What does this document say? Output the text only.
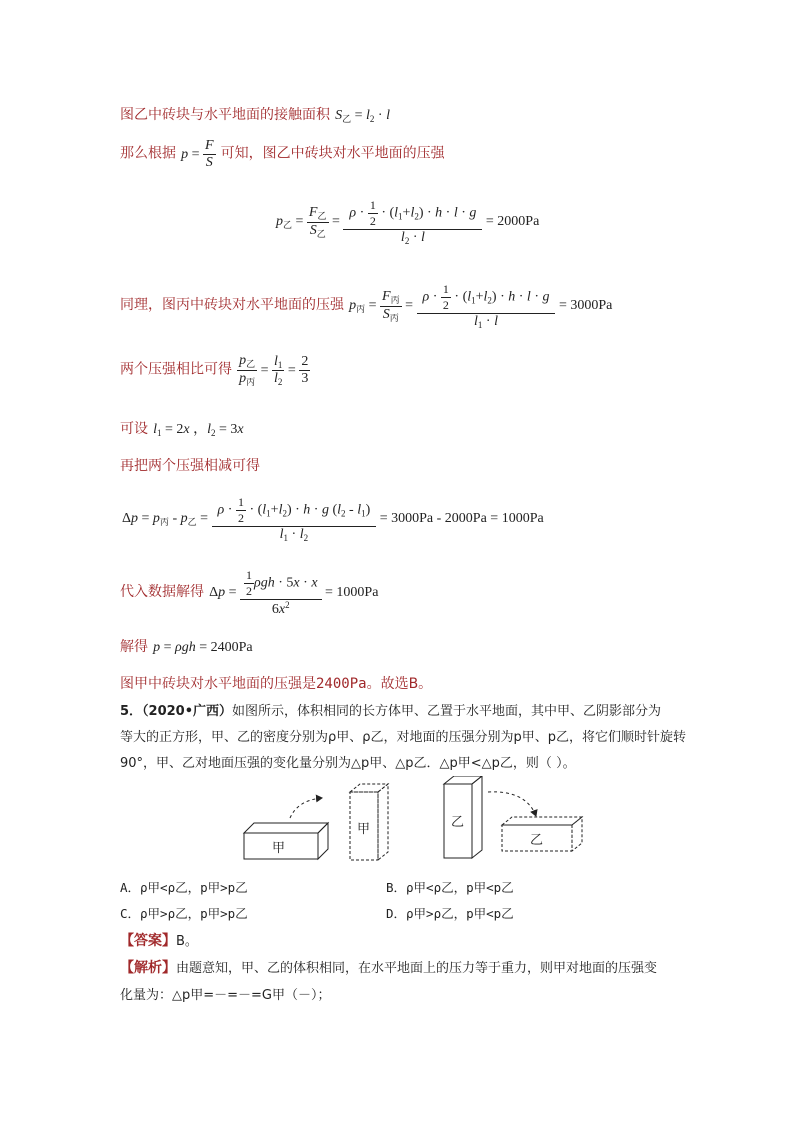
图乙中砖块与水平地面的接触面积 $S_乙 = l_2 \cdot l$
那么根据 $p = \frac{F}{S}$ 可知，图乙中砖块对水平地面的压强
$p_乙 = \frac{F_乙}{S_乙} = \frac{\rho \cdot \frac{1}{2} \cdot (l_1+l_2) \cdot h \cdot l \cdot g}{l_2 \cdot l} = 2000Pa$
同理，图丙中砖块对水平地面的压强 $p_丙 = \frac{F_丙}{S_丙} = \frac{\rho \cdot \frac{1}{2} \cdot (l_1+l_2) \cdot h \cdot l \cdot g}{l_1 \cdot l} = 3000Pa$
两个压强相比可得 $\frac{p_乙}{p_丙} = \frac{l_1}{l_2} = \frac{2}{3}$
可设 $l_1 = 2x$ ，$l_2 = 3x$
再把两个压强相减可得
$\Delta p = p_丙 - p_乙 = \frac{\rho \cdot \frac{1}{2} \cdot (l_1+l_2) \cdot h \cdot g (l_2 - l_1)}{l_1 \cdot l_2} = 3000Pa - 2000Pa = 1000Pa$
代入数据解得 $\Delta p = \frac{\frac{1}{2} \rho gh \cdot 5x \cdot x}{6x^2} = 1000Pa$
解得 p = ρgh = 2400Pa
图甲中砖块对水平地面的压强是2400Pa。故选B。
5．（2020•广西）如图所示，体积相同的长方体甲、乙置于水平地面，其中甲、乙阴影部分为
等大的正方形，甲、乙的密度分别为ρ甲、ρ乙，对地面的压强分别为p甲、p乙，将它们顺时针旋转
90°，甲、乙对地面压强的变化量分别为△p甲、△p乙．△p甲<△p乙，则（ ）。
甲
甲	乙
乙
A．ρ甲<ρ乙，p甲>p乙	B．ρ甲<ρ乙，p甲<p乙
C．ρ甲>ρ乙，p甲>p乙	D．ρ甲>ρ乙，p甲<p乙
【答案】B。
【解析】由题意知，甲、乙的体积相同，在水平地面上的压力等于重力，则甲对地面的压强变
化量为：△p甲=－=－=G甲（－）；
